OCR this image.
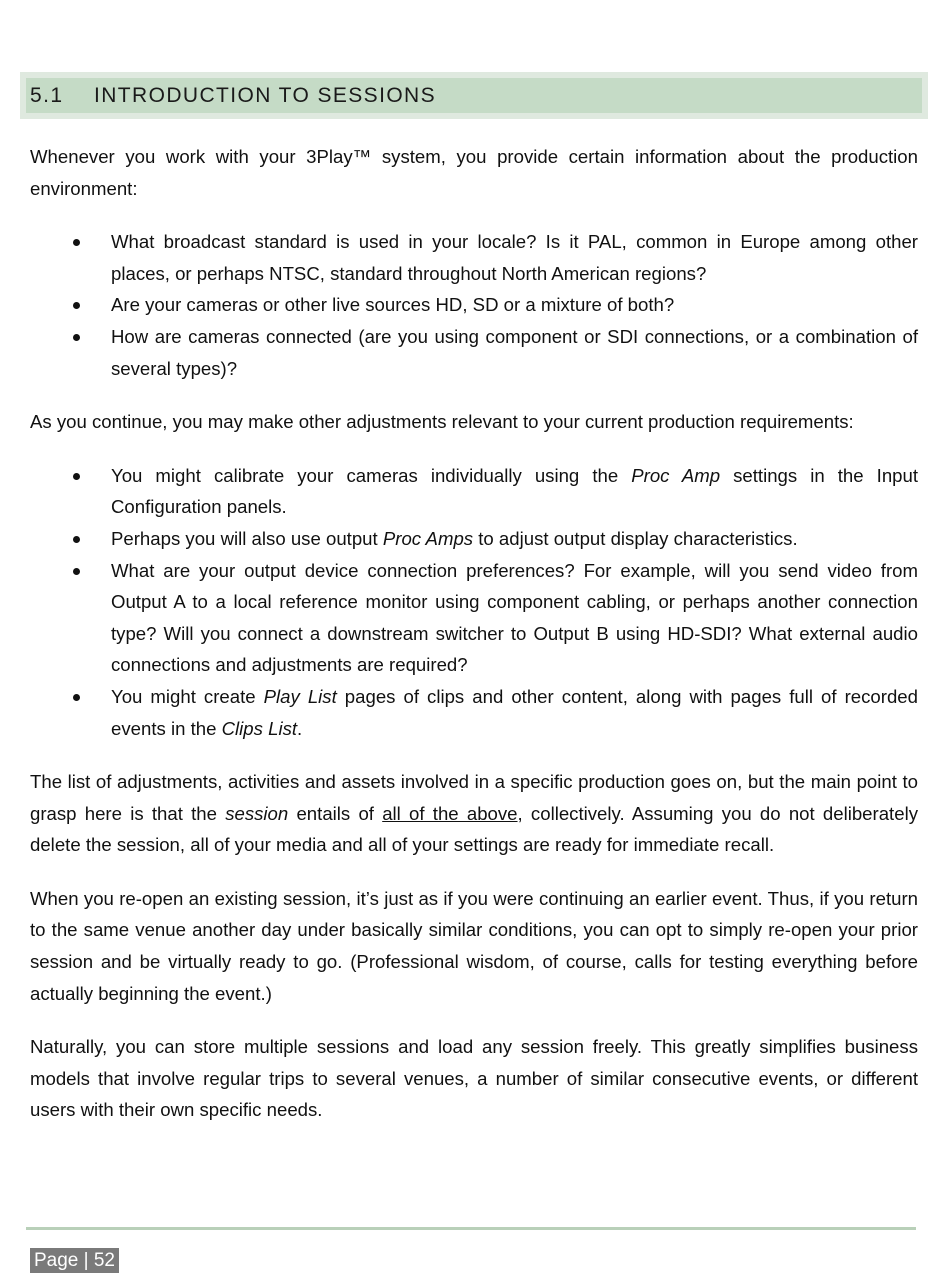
5.1	INTRODUCTION TO SESSIONS

Whenever you work with your 3Play™ system, you provide certain information about the production environment:

What broadcast standard is used in your locale? Is it PAL, common in Europe among other places, or perhaps NTSC, standard throughout North American regions?
Are your cameras or other live sources HD, SD or a mixture of both?
How are cameras connected (are you using component or SDI connections, or a combination of several types)?

As you continue, you may make other adjustments relevant to your current production requirements:

You might calibrate your cameras individually using the Proc Amp settings in the Input Configuration panels.
Perhaps you will also use output Proc Amps to adjust output display characteristics.
What are your output device connection preferences? For example, will you send video from Output A to a local reference monitor using component cabling, or perhaps another connection type? Will you connect a downstream switcher to Output B using HD-SDI? What external audio connections and adjustments are required?
You might create Play List pages of clips and other content, along with pages full of recorded events in the Clips List.

The list of adjustments, activities and assets involved in a specific production goes on, but the main point to grasp here is that the session entails of all of the above, collectively. Assuming you do not deliberately delete the session, all of your media and all of your settings are ready for immediate recall.

When you re-open an existing session, it’s just as if you were continuing an earlier event. Thus, if you return to the same venue another day under basically similar conditions, you can opt to simply re-open your prior session and be virtually ready to go. (Professional wisdom, of course, calls for testing everything before actually beginning the event.)

Naturally, you can store multiple sessions and load any session freely. This greatly simplifies business models that involve regular trips to several venues, a number of similar consecutive events, or different users with their own specific needs.

Page | 52
